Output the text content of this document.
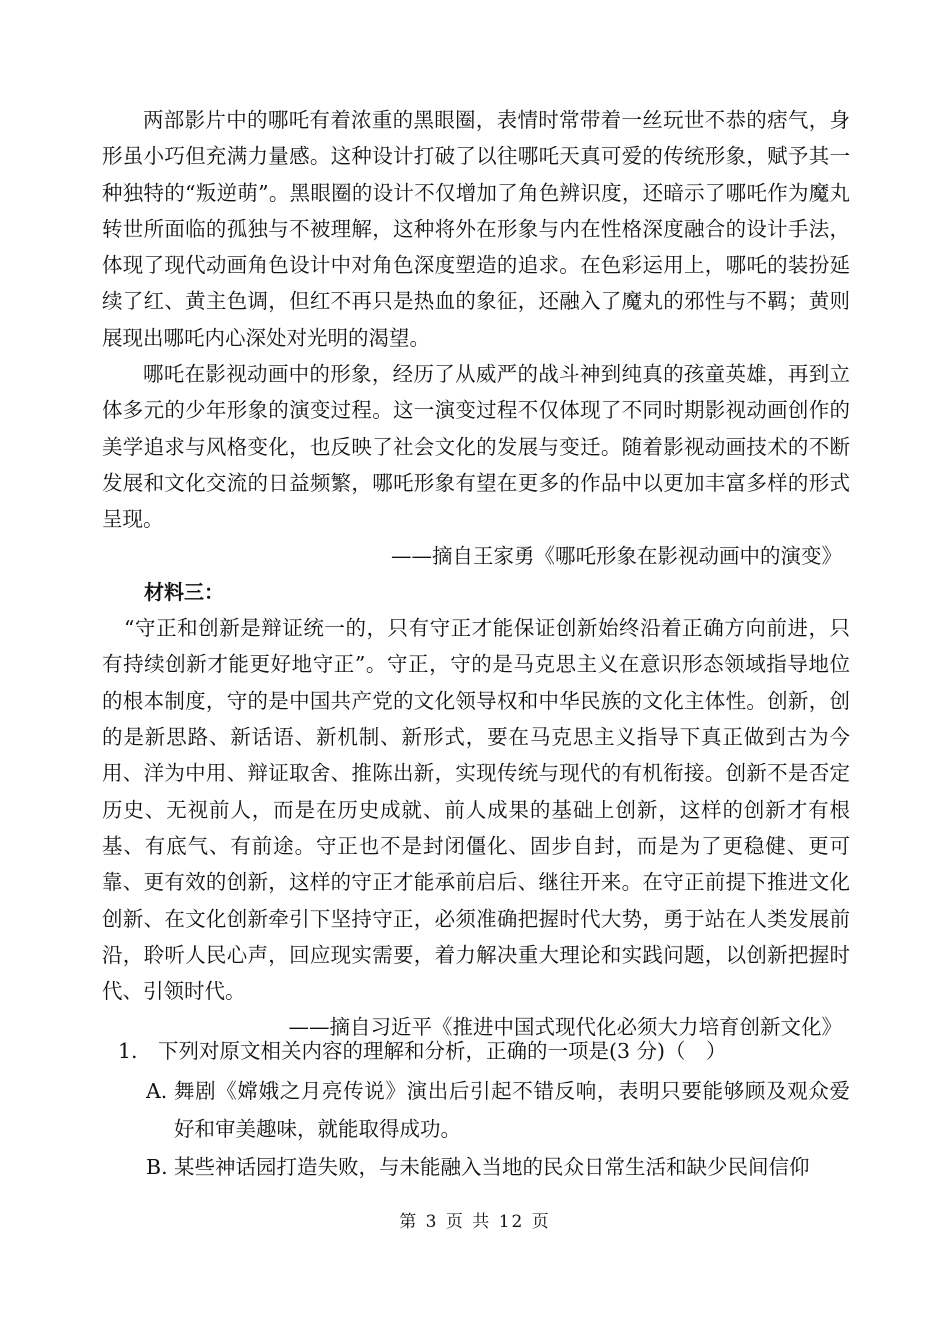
两部影片中的哪吒有着浓重的黑眼圈，表情时常带着一丝玩世不恭的痞气，身形虽小巧但充满力量感。这种设计打破了以往哪吒天真可爱的传统形象，赋予其一种独特的“叛逆萌”。黑眼圈的设计不仅增加了角色辨识度，还暗示了哪吒作为魔丸转世所面临的孤独与不被理解，这种将外在形象与内在性格深度融合的设计手法，体现了现代动画角色设计中对角色深度塑造的追求。在色彩运用上，哪吒的装扮延续了红、黄主色调，但红不再只是热血的象征，还融入了魔丸的邪性与不羁；黄则展现出哪吒内心深处对光明的渴望。

哪吒在影视动画中的形象，经历了从威严的战斗神到纯真的孩童英雄，再到立体多元的少年形象的演变过程。这一演变过程不仅体现了不同时期影视动画创作的美学追求与风格变化，也反映了社会文化的发展与变迁。随着影视动画技术的不断发展和文化交流的日益频繁，哪吒形象有望在更多的作品中以更加丰富多样的形式呈现。

——摘自王家勇《哪吒形象在影视动画中的演变》

材料三：

“守正和创新是辩证统一的，只有守正才能保证创新始终沿着正确方向前进，只有持续创新才能更好地守正”。守正，守的是马克思主义在意识形态领域指导地位的根本制度，守的是中国共产党的文化领导权和中华民族的文化主体性。创新，创的是新思路、新话语、新机制、新形式，要在马克思主义指导下真正做到古为今用、洋为中用、辩证取舍、推陈出新，实现传统与现代的有机衔接。创新不是否定历史、无视前人，而是在历史成就、前人成果的基础上创新，这样的创新才有根基、有底气、有前途。守正也不是封闭僵化、固步自封，而是为了更稳健、更可靠、更有效的创新，这样的守正才能承前启后、继往开来。在守正前提下推进文化创新、在文化创新牵引下坚持守正，必须准确把握时代大势，勇于站在人类发展前沿，聆听人民心声，回应现实需要，着力解决重大理论和实践问题，以创新把握时代、引领时代。

——摘自习近平《推进中国式现代化必须大力培育创新文化》

1. 下列对原文相关内容的理解和分析，正确的一项是(3 分)（　）
A. 舞剧《嫦娥之月亮传说》演出后引起不错反响，表明只要能够顾及观众爱好和审美趣味，就能取得成功。
B. 某些神话园打造失败，与未能融入当地的民众日常生活和缺少民间信仰
第 3 页 共 12 页
